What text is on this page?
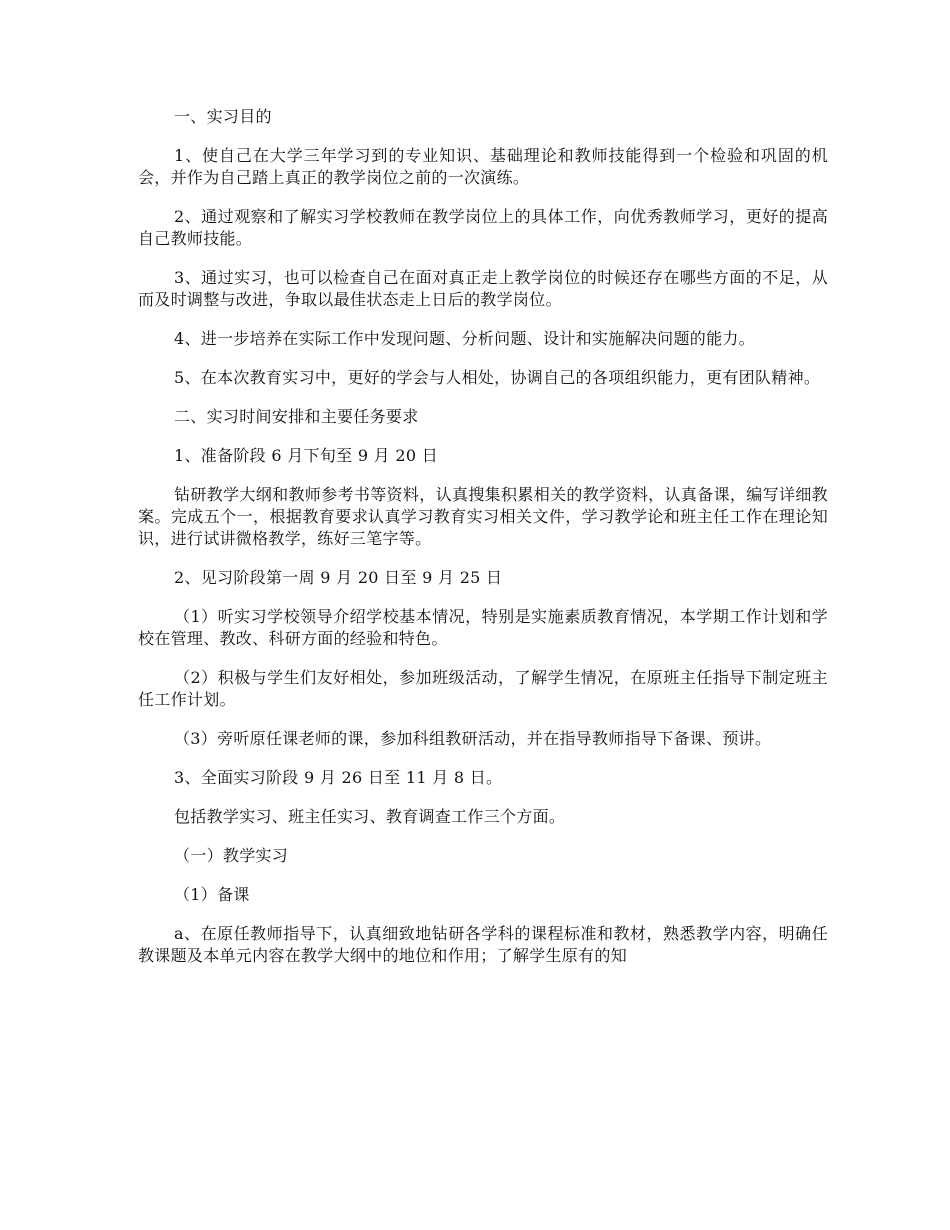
一、实习目的

1、使自己在大学三年学习到的专业知识、基础理论和教师技能得到一个检验和巩固的机会，并作为自己踏上真正的教学岗位之前的一次演练。

2、通过观察和了解实习学校教师在教学岗位上的具体工作，向优秀教师学习，更好的提高自己教师技能。

3、通过实习，也可以检查自己在面对真正走上教学岗位的时候还存在哪些方面的不足，从而及时调整与改进，争取以最佳状态走上日后的教学岗位。

4、进一步培养在实际工作中发现问题、分析问题、设计和实施解决问题的能力。

5、在本次教育实习中，更好的学会与人相处，协调自己的各项组织能力，更有团队精神。

二、实习时间安排和主要任务要求

1、准备阶段 6 月下旬至 9 月 20 日

钻研教学大纲和教师参考书等资料，认真搜集积累相关的教学资料，认真备课，编写详细教案。完成五个一，根据教育要求认真学习教育实习相关文件，学习教学论和班主任工作在理论知识，进行试讲微格教学，练好三笔字等。

2、见习阶段第一周 9 月 20 日至 9 月 25 日

（1）听实习学校领导介绍学校基本情况，特别是实施素质教育情况，本学期工作计划和学校在管理、教改、科研方面的经验和特色。

（2）积极与学生们友好相处，参加班级活动，了解学生情况，在原班主任指导下制定班主任工作计划。

（3）旁听原任课老师的课，参加科组教研活动，并在指导教师指导下备课、预讲。

3、全面实习阶段 9 月 26 日至 11 月 8 日。

包括教学实习、班主任实习、教育调查工作三个方面。

（一）教学实习

（1）备课

a、在原任教师指导下，认真细致地钻研各学科的课程标准和教材，熟悉教学内容，明确任教课题及本单元内容在教学大纲中的地位和作用；了解学生原有的知
